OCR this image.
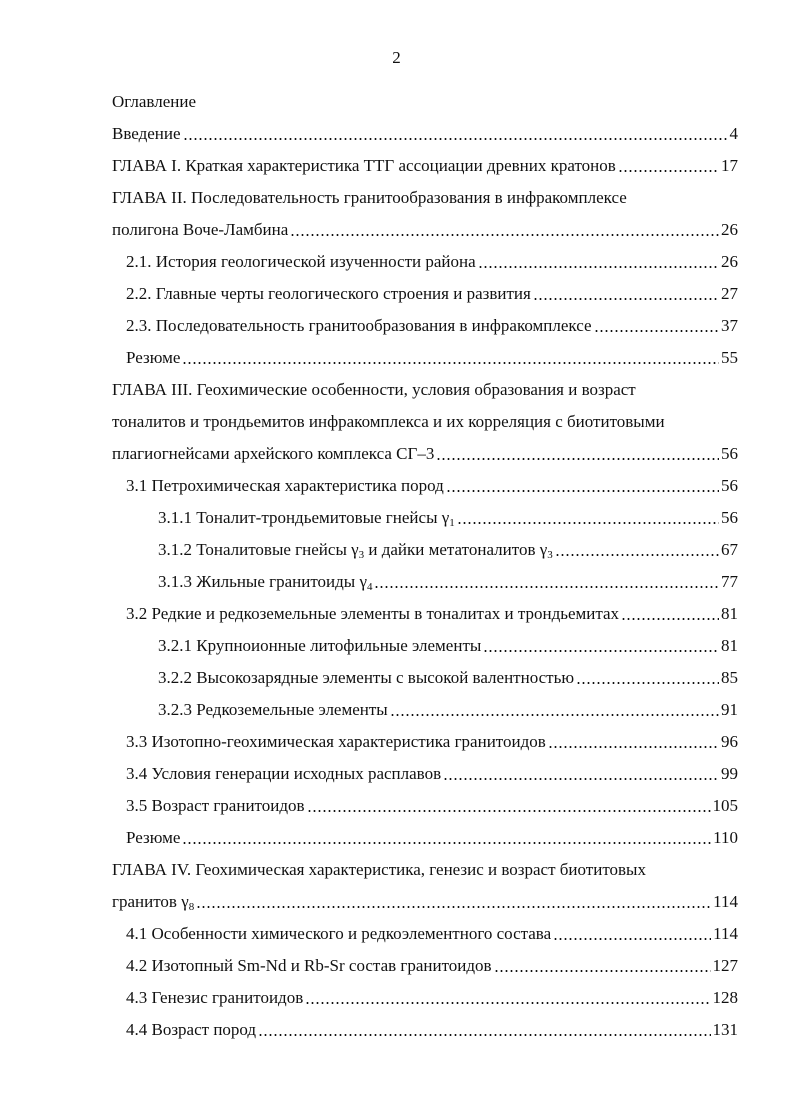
2
Оглавление
Введение	4
ГЛАВА I. Краткая характеристика ТТГ ассоциации древних кратонов	17
ГЛАВА II. Последовательность гранитообразования в инфракомплексе
полигона Воче-Ламбина	26
2.1. История геологической изученности района	26
2.2. Главные черты геологического строения и развития	27
2.3. Последовательность гранитообразования в инфракомплексе	37
Резюме	55
ГЛАВА III. Геохимические особенности, условия образования и возраст
тоналитов и трондьемитов инфракомплекса и их корреляция с биотитовыми
плагиогнейсами архейского комплекса СГ–3	56
3.1 Петрохимическая характеристика пород	56
3.1.1 Тоналит-трондьемитовые гнейсы $\gamma_1$	56
3.1.2 Тоналитовые гнейсы $\gamma_3$ и дайки метатоналитов $\gamma_3$	67
3.1.3 Жильные гранитоиды $\gamma_4$	77
3.2 Редкие и редкоземельные элементы в тоналитах и трондьемитах	81
3.2.1 Крупноионные литофильные элементы	81
3.2.2 Высокозарядные элементы с высокой валентностью	85
3.2.3 Редкоземельные элементы	91
3.3 Изотопно-геохимическая характеристика гранитоидов	96
3.4 Условия генерации исходных расплавов	99
3.5 Возраст гранитоидов	105
Резюме	110
ГЛАВА IV. Геохимическая характеристика, генезис и возраст биотитовых
гранитов $\gamma_8$	114
4.1 Особенности химического и редкоэлементного состава	114
4.2 Изотопный Sm-Nd и Rb-Sr состав гранитоидов	127
4.3 Генезис гранитоидов	128
4.4 Возраст пород	131
